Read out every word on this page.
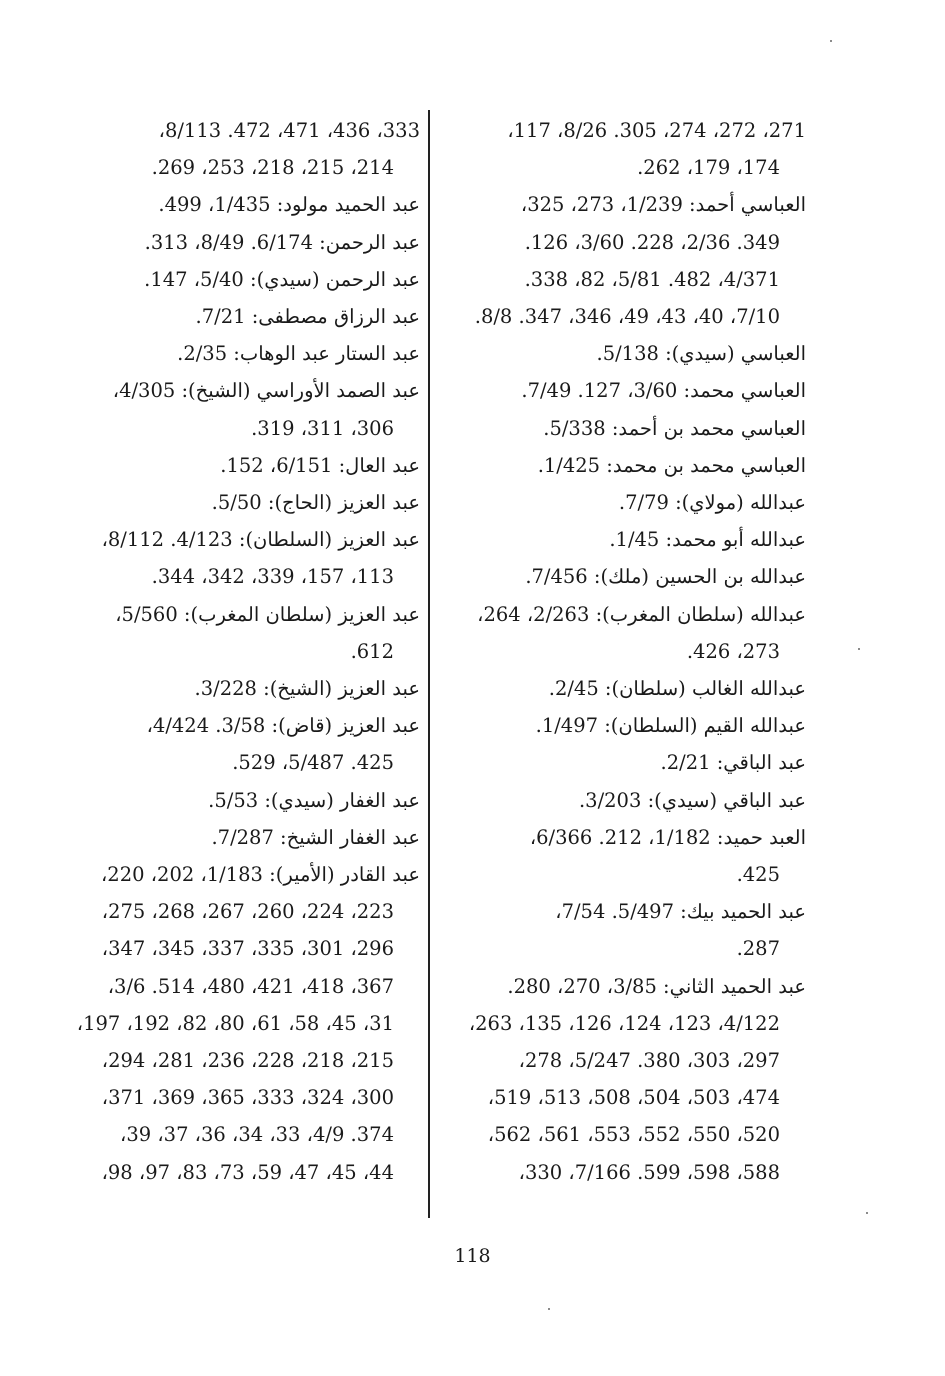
271، 272، 274، 305. 8/26، 117،
174، 179، 262.
العباسي أحمد: 1/239، 273، 325،
349. 2/36، 228. 3/60، 126.
4/371، 482. 5/81، 82، 338.
7/10، 40، 43، 49، 346، 347. 8/8.
العباسي (سيدي): 5/138.
العباسي محمد: 3/60، 127. 7/49.
العباسي محمد بن أحمد: 5/338.
العباسي محمد بن محمد: 1/425.
عبدالله (مولاي): 7/79.
عبدالله أبو محمد: 1/45.
عبدالله بن الحسين (ملك): 7/456.
عبدالله (سلطان المغرب): 2/263، 264،
273، 426.
عبدالله الغالب (سلطان): 2/45.
عبدالله القيم (السلطان): 1/497.
عبد الباقي: 2/21.
عبد الباقي (سيدي): 3/203.
العبد حميد: 1/182، 212. 6/366،
425.
عبد الحميد بيك: 5/497. 7/54،
287.
عبد الحميد الثاني: 3/85، 270، 280.
4/122، 123، 124، 126، 135، 263،
297، 303، 380. 5/247، 278،
474، 503، 504، 508، 513، 519،
520، 550، 552، 553، 561، 562،
588، 598، 599. 7/166، 330،
333، 436، 471، 472. 8/113،
214، 215، 218، 253، 269.
عبد الحميد مولود: 1/435، 499.
عبد الرحمن: 6/174. 8/49، 313.
عبد الرحمن (سيدي): 5/40، 147.
عبد الرزاق مصطفى: 7/21.
عبد الستار عبد الوهاب: 2/35.
عبد الصمد الأوراسي (الشيخ): 4/305،
306، 311، 319.
عبد العال: 6/151، 152.
عبد العزيز (الحاج): 5/50.
عبد العزيز (السلطان): 4/123. 8/112،
113، 157، 339، 342، 344.
عبد العزيز (سلطان المغرب): 5/560،
612.
عبد العزيز (الشيخ): 3/228.
عبد العزيز (قاض): 3/58. 4/424،
425. 5/487، 529.
عبد الغفار (سيدي): 5/53.
عبد الغفار الشيخ: 7/287.
عبد القادر (الأمير): 1/183، 202، 220،
223، 224، 260، 267، 268، 275،
296، 301، 335، 337، 345، 347،
367، 418، 421، 480، 514. 3/6،
31، 45، 58، 61، 80، 82، 192، 197،
215، 218، 228، 236، 281، 294،
300، 324، 333، 365، 369، 371،
374. 4/9، 33، 34، 36، 37، 39،
44، 45، 47، 59، 73، 83، 97، 98،
118
